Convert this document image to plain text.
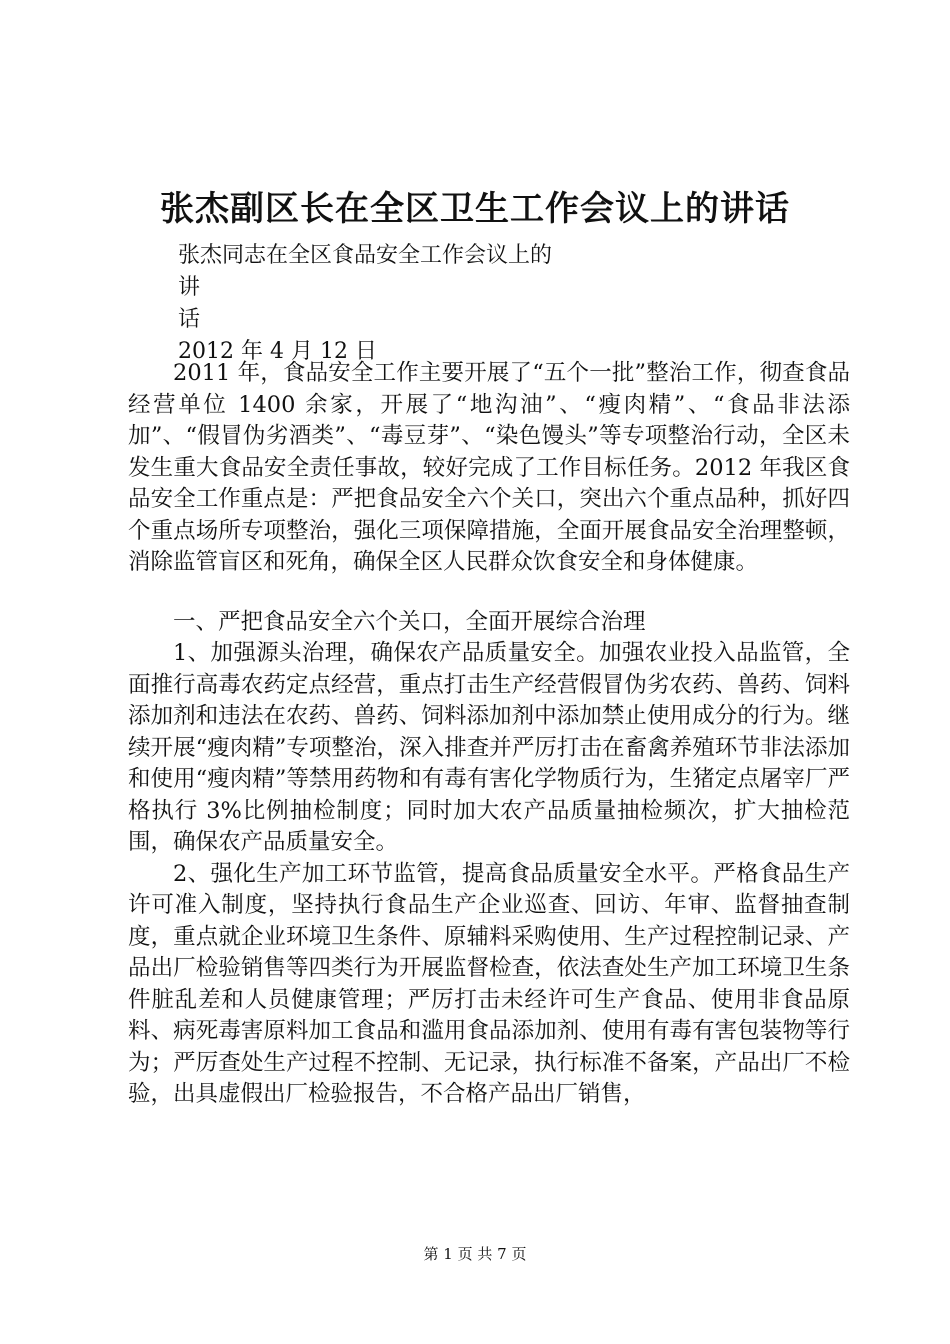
张杰副区长在全区卫生工作会议上的讲话
张杰同志在全区食品安全工作会议上的
讲
话
2012 年 4 月 12 日

2011 年，食品安全工作主要开展了“五个一批”整治工作，彻查食品经营单位 1400 余家，开展了“地沟油”、“瘦肉精”、“食品非法添加”、“假冒伪劣酒类”、“毒豆芽”、“染色馒头”等专项整治行动，全区未发生重大食品安全责任事故，较好完成了工作目标任务。2012 年我区食品安全工作重点是：严把食品安全六个关口，突出六个重点品种，抓好四个重点场所专项整治，强化三项保障措施，全面开展食品安全治理整顿，消除监管盲区和死角，确保全区人民群众饮食安全和身体健康。

一、严把食品安全六个关口，全面开展综合治理

1、加强源头治理，确保农产品质量安全。加强农业投入品监管，全面推行高毒农药定点经营，重点打击生产经营假冒伪劣农药、兽药、饲料添加剂和违法在农药、兽药、饲料添加剂中添加禁止使用成分的行为。继续开展“瘦肉精”专项整治，深入排查并严厉打击在畜禽养殖环节非法添加和使用“瘦肉精”等禁用药物和有毒有害化学物质行为，生猪定点屠宰厂严格执行 3%比例抽检制度；同时加大农产品质量抽检频次，扩大抽检范围，确保农产品质量安全。

2、强化生产加工环节监管，提高食品质量安全水平。严格食品生产许可准入制度，坚持执行食品生产企业巡查、回访、年审、监督抽查制度，重点就企业环境卫生条件、原辅料采购使用、生产过程控制记录、产品出厂检验销售等四类行为开展监督检查，依法查处生产加工环境卫生条件脏乱差和人员健康管理；严厉打击未经许可生产食品、使用非食品原料、病死毒害原料加工食品和滥用食品添加剂、使用有毒有害包装物等行为；严厉查处生产过程不控制、无记录，执行标准不备案，产品出厂不检验，出具虚假出厂检验报告，不合格产品出厂销售，

第 1 页 共 7 页
